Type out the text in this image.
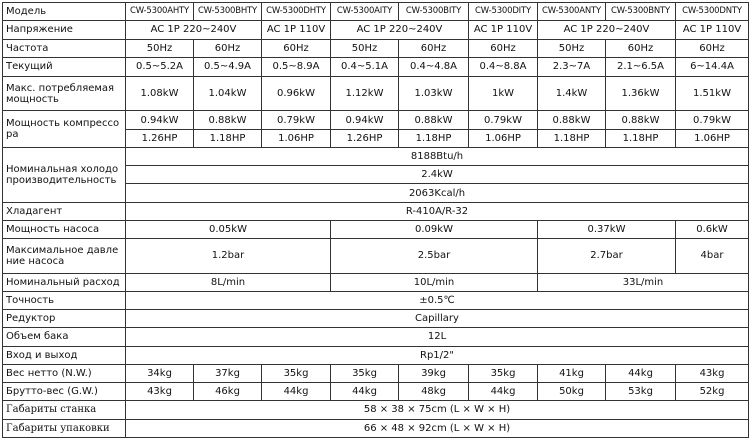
Модель	CW-5300AHTY	CW-5300BHTY	CW-5300DHTY	CW-5300AITY	CW-5300BITY	CW-5300DITY	CW-5300ANTY	CW-5300BNTY	CW-5300DNTY
Напряжение	AC 1P 220~240V		AC 1P 110V	AC 1P 220~240V		AC 1P 110V	AC 1P 220~240V		AC 1P 110V
Частота	50Hz	60Hz	60Hz	50Hz	60Hz	60Hz	50Hz	60Hz	60Hz
Текущий	0.5~5.2A	0.5~4.9A	0.5~8.9A	0.4~5.1A	0.4~4.8A	0.4~8.8A	2.3~7A	2.1~6.5A	6~14.4A
Макс. потребляемая мощность	1.08kW	1.04kW	0.96kW	1.12kW	1.03kW	1kW	1.4kW	1.36kW	1.51kW
Мощность компрессора	0.94kW	0.88kW	0.79kW	0.94kW	0.88kW	0.79kW	0.88kW	0.88kW	0.79kW
	1.26HP	1.18HP	1.06HP	1.26HP	1.18HP	1.06HP	1.18HP	1.18HP	1.06HP
Номинальная холодопроизводительность	8188Btu/h								
	2.4kW								
	2063Kcal/h								
Хладагент	R-410A/R-32								
Мощность насоса	0.05kW			0.09kW			0.37kW		0.6kW
Максимальное давление насоса	1.2bar			2.5bar			2.7bar		4bar
Номинальный расход	8L/min			10L/min			33L/min		
Точность	±0.5℃								
Редуктор	Capillary								
Объем бака	12L								
Вход и выход	Rp1/2"								
Вес нетто (N.W.)	34kg	37kg	35kg	35kg	39kg	35kg	41kg	44kg	43kg
Брутто-вес (G.W.)	43kg	46kg	44kg	44kg	48kg	44kg	50kg	53kg	52kg
Габариты станка	58 × 38 × 75cm (L × W × H)								
Габариты упаковки	66 × 48 × 92cm (L × W × H)								
